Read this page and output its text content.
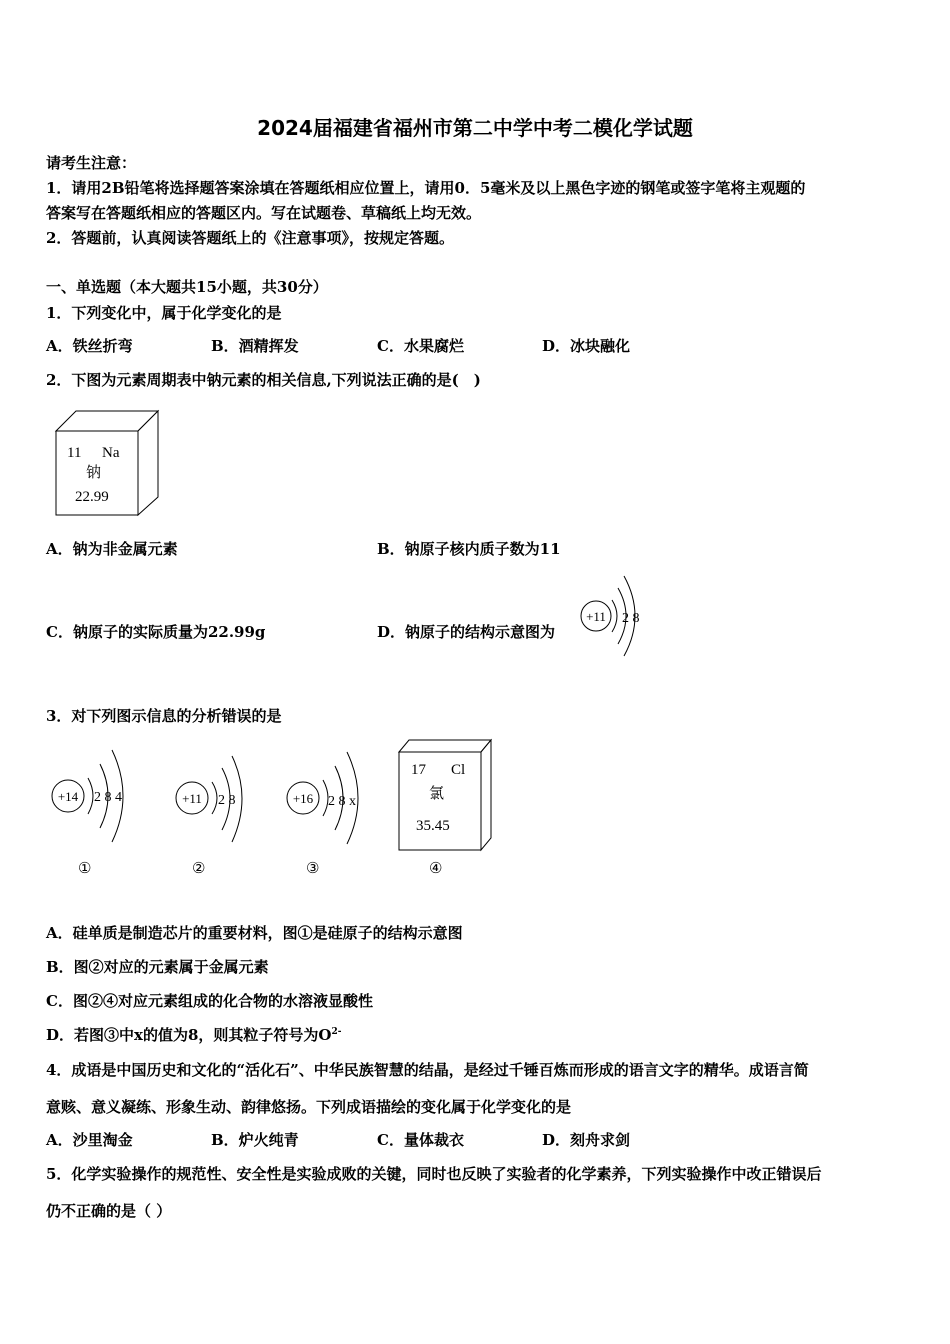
2024届福建省福州市第二中学中考二模化学试题
请考生注意：
1．请用2B铅笔将选择题答案涂填在答题纸相应位置上，请用0．5毫米及以上黑色字迹的钢笔或签字笔将主观题的
答案写在答题纸相应的答题区内。写在试题卷、草稿纸上均无效。
2．答题前，认真阅读答题纸上的《注意事项》，按规定答题。
一、单选题（本大题共15小题，共30分）
1．下列变化中，属于化学变化的是
A．铁丝折弯	B．酒精挥发	C．水果腐烂	D．冰块融化
2．下图为元素周期表中钠元素的相关信息,下列说法正确的是(　)
11 Na
钠
22.99
A．钠为非金属元素	B．钠原子核内质子数为11
C．钠原子的实际质量为22.99g	D．钠原子的结构示意图为
+11 2 8
3．对下列图示信息的分析错误的是
+14 2 8 4
①
+11 2 8
②
+16 2 8 x
③
17 Cl
氯
35.45
④
A．硅单质是制造芯片的重要材料，图①是硅原子的结构示意图
B．图②对应的元素属于金属元素
C．图②④对应元素组成的化合物的水溶液显酸性
D．若图③中x的值为8，则其粒子符号为$O^{2-}$
4．成语是中国历史和文化的“活化石”、中华民族智慧的结晶，是经过千锤百炼而形成的语言文字的精华。成语言简
意赅、意义凝练、形象生动、韵律悠扬。下列成语描绘的变化属于化学变化的是
A．沙里淘金	B．炉火纯青	C．量体裁衣	D．刻舟求剑
5．化学实验操作的规范性、安全性是实验成败的关键，同时也反映了实验者的化学素养，下列实验操作中改正错误后
仍不正确的是（ ）
